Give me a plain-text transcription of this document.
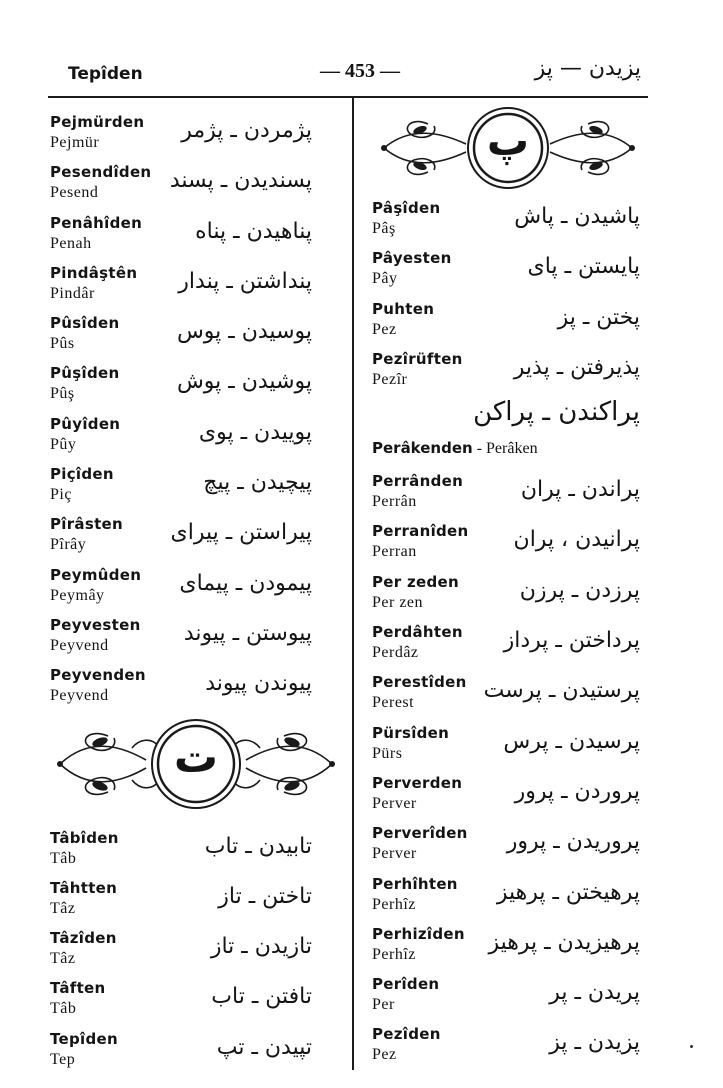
Tepîden	— 453 —	پزیدن — پز
Pejmürden
Pejmür	پژمردن ـ پژمر
Pesendîden
Pesend	پسندیدن ـ پسند
Penâhîden
Penah	پناهیدن ـ پناه
Pindâştên
Pindâr	پنداشتن ـ پندار
Pûsîden
Pûs	پوسیدن ـ پوس
Pûşîden
Pûş	پوشیدن ـ پوش
Pûyîden
Pûy	پوییدن ـ پوی
Piçîden
Piç	پیچیدن ـ پیچ
Pîrâsten
Pîrây	پیراستن ـ پیرای
Peymûden
Peymây	پیمودن ـ پیمای
Peyvesten
Peyvend	پیوستن ـ پیوند
Peyvenden
Peyvend	پیوندن پیوند
ت
Tâbîden
Tâb	تابیدن ـ تاب
Tâhtten
Tâz	تاختن ـ تاز
Tâzîden
Tâz	تازیدن ـ تاز
Tâften
Tâb	تافتن ـ تاب
Tepîden
Tep	تپیدن ـ تپ
پ
Pâşîden
Pâş	پاشیدن ـ پاش
Pâyesten
Pây	پایستن ـ پای
Puhten
Pez	پختن ـ پز
Pezîrüften
Pezîr	پذیرفتن ـ پذیر
پراکندن ـ پراکن
Perâkenden - Perâken
Perrânden
Perrân	پراندن ـ پران
Perranîden
Perran	پرانیدن ، پران
Per zeden
Per zen	پرزدن ـ پرزن
Perdâhten
Perdâz	پرداختن ـ پرداز
Perestîden
Perest	پرستیدن ـ پرست
Pürsîden
Pürs	پرسیدن ـ پرس
Perverden
Perver	پروردن ـ پرور
Perverîden
Perver	پروریدن ـ پرور
Perhîhten
Perhîz	پرهیختن ـ پرهیز
Perhizîden
Perhîz	پرهیزیدن ـ پرهیز
Perîden
Per	پریدن ـ پر
Pezîden
Pez	پزیدن ـ پز
